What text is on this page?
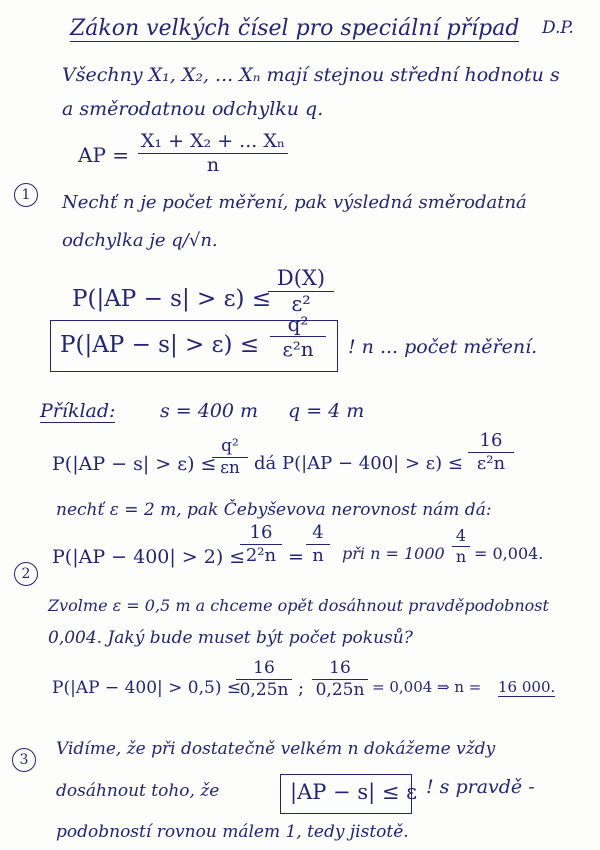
Zákon velkých čísel pro speciální případ D.P.
Všechny X₁, X₂, ... Xₙ mají stejnou střední hodnotu s
a směrodatnou odchylku q.
AP =
X₁ + X₂ + ... Xₙ
n
1	Nechť n je počet měření, pak výsledná směrodatná
odchylka je q/√n.
P(|AP − s| > ε) ≤
D(X)
ε²
P(|AP − s| > ε) ≤
q²
ε²n	! n ... počet měření.
Příklad: s = 400 m q = 4 m
P(|AP − s| > ε) ≤
q²
εn dá P(|AP − 400| > ε) ≤
16
ε²n
nechť ε = 2 m, pak Čebyševova nerovnost nám dá:
P(|AP − 400| > 2) ≤
16
2²n =
4
n	při n = 1000
4
n = 0,004.
2
Zvolme ε = 0,5 m a chceme opět dosáhnout pravděpodobnost
0,004. Jaký bude muset být počet pokusů?
P(|AP − 400| > 0,5) ≤
16
0,25n ;
16
0,25n = 0,004 ⇒ n = 16 000.
3
Vidíme, že při dostatečně velkém n dokážeme vždy
dosáhnout toho, že	|AP − s| ≤ ε ! s pravdě -
podobností rovnou málem 1, tedy jistotě.
